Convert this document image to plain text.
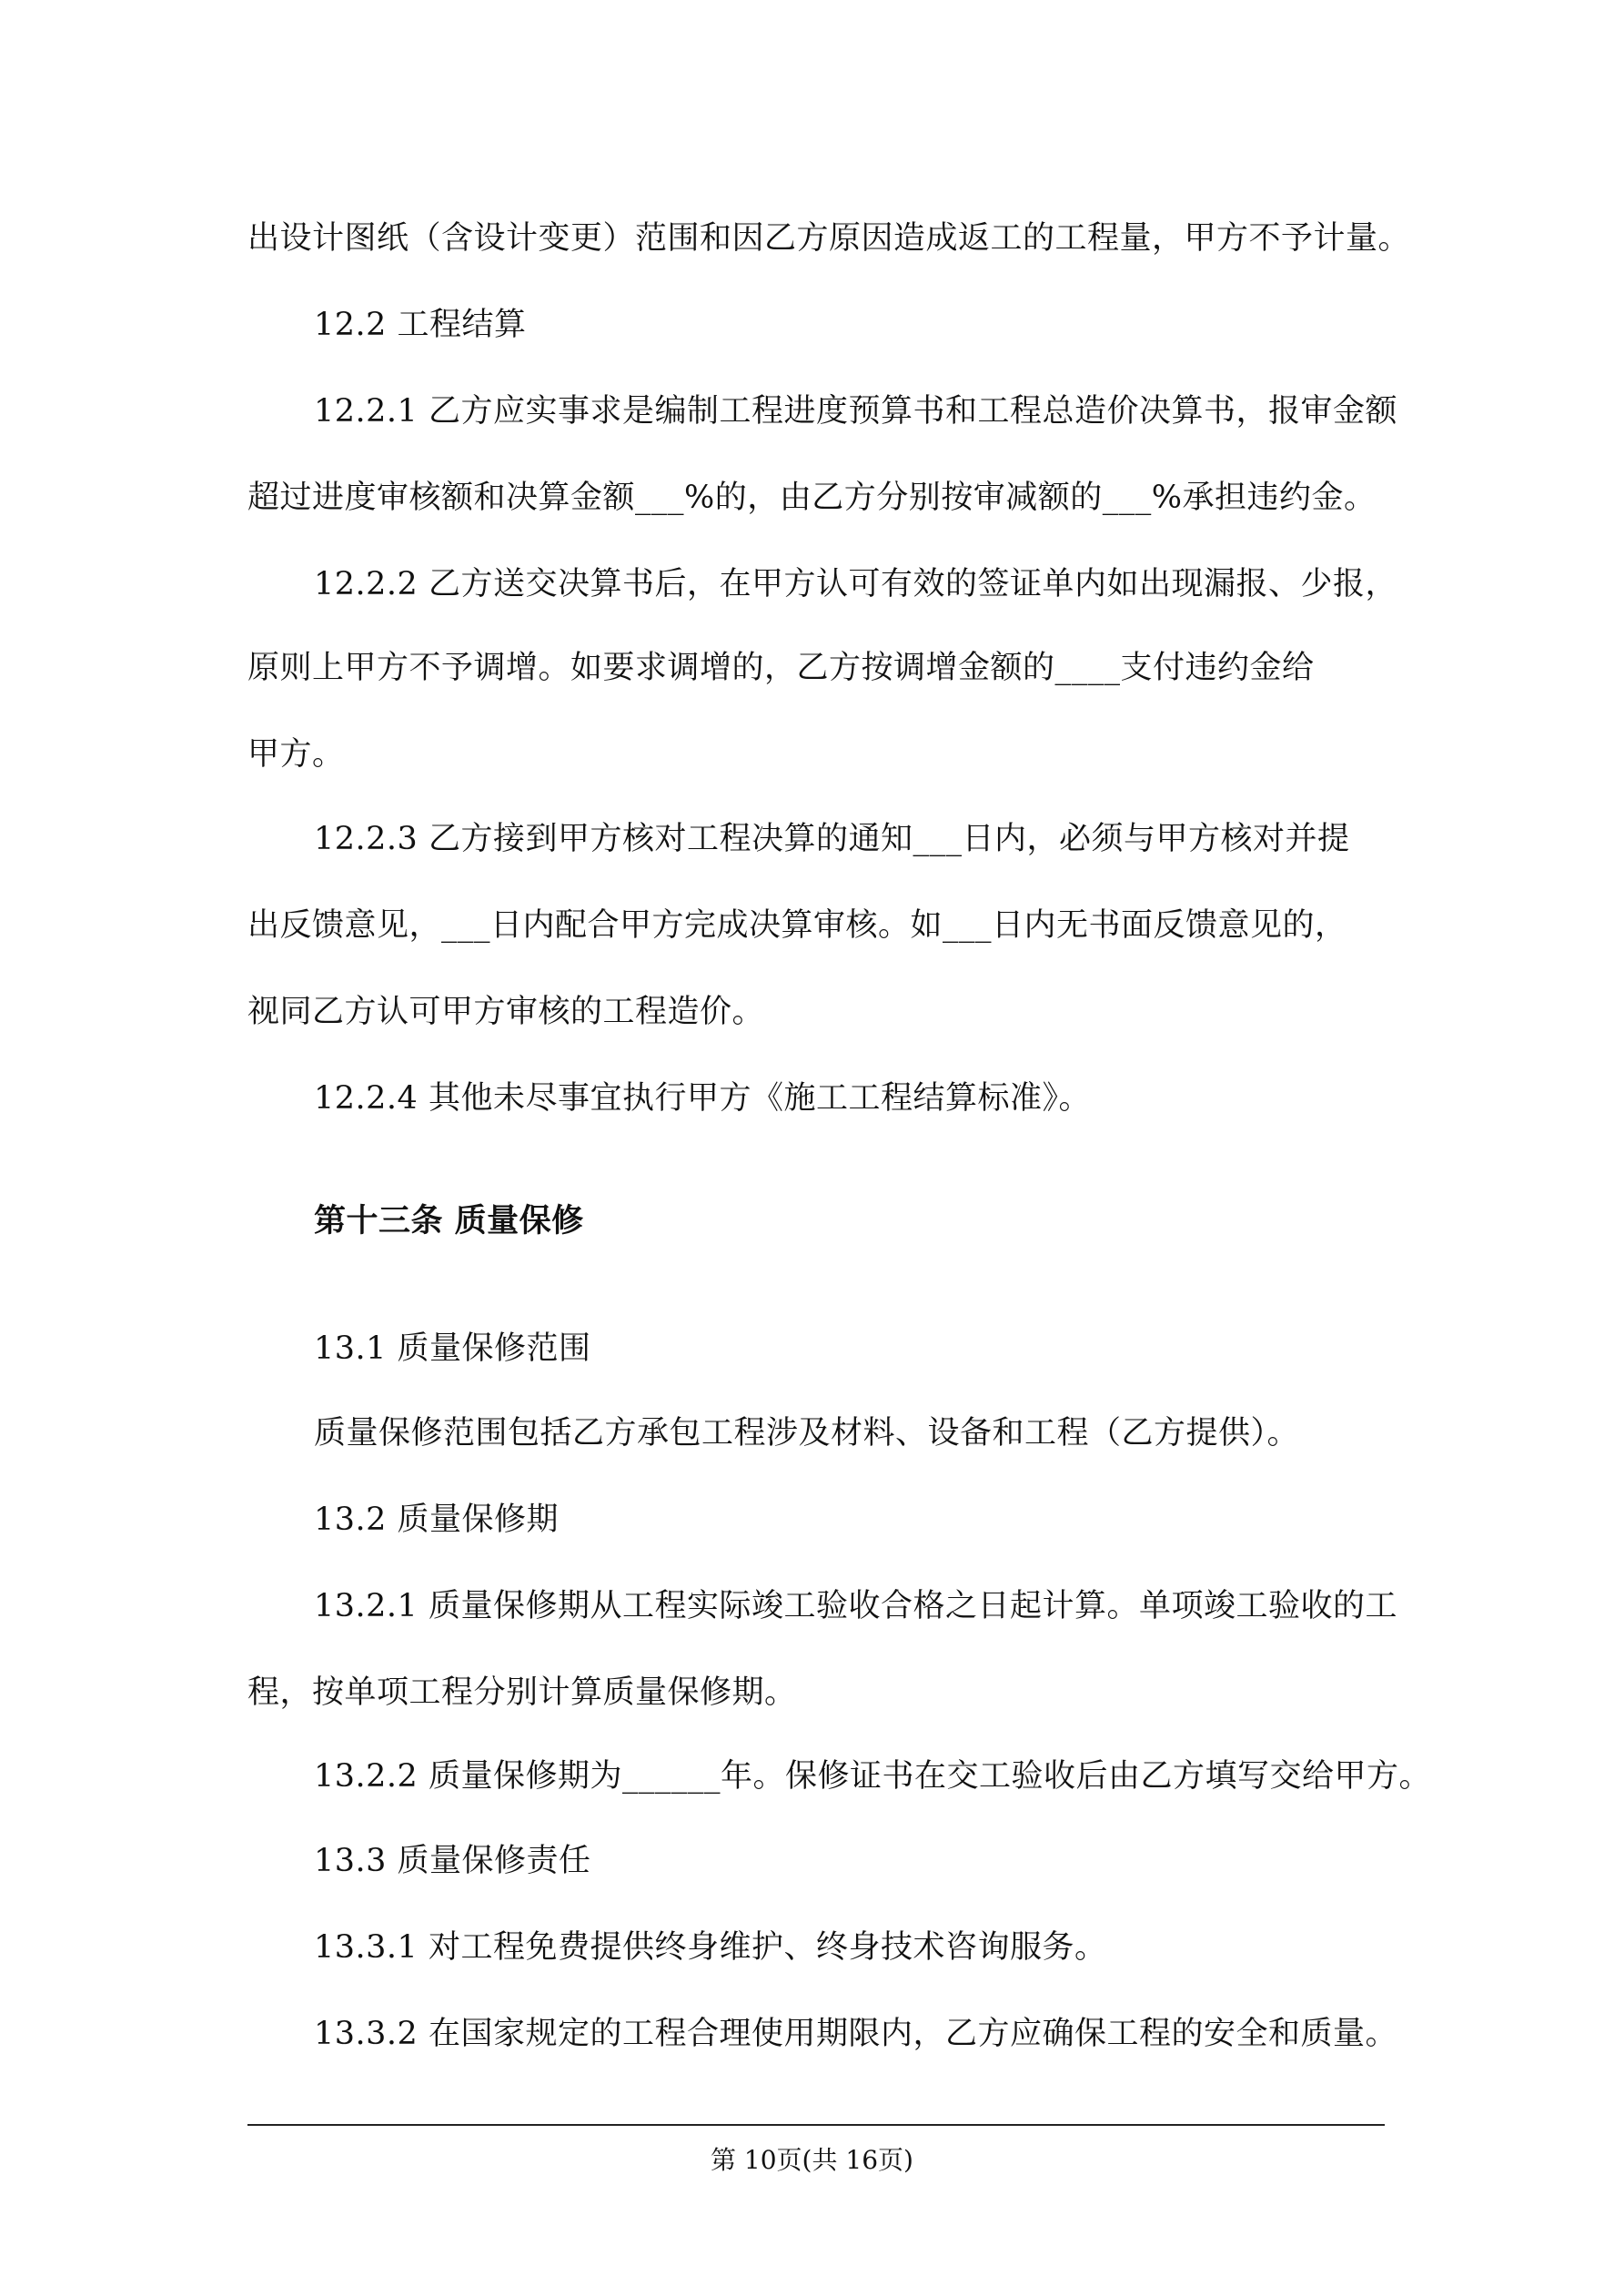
出设计图纸（含设计变更）范围和因乙方原因造成返工的工程量，甲方不予计量。
12.2 工程结算
12.2.1 乙方应实事求是编制工程进度预算书和工程总造价决算书，报审金额
超过进度审核额和决算金额___%的，由乙方分别按审减额的___%承担违约金。
12.2.2 乙方送交决算书后，在甲方认可有效的签证单内如出现漏报、少报，
原则上甲方不予调增。如要求调增的，乙方按调增金额的____支付违约金给
甲方。
12.2.3 乙方接到甲方核对工程决算的通知___日内，必须与甲方核对并提
出反馈意见，___日内配合甲方完成决算审核。如___日内无书面反馈意见的，
视同乙方认可甲方审核的工程造价。
12.2.4 其他未尽事宜执行甲方《施工工程结算标准》。
第十三条 质量保修
13.1 质量保修范围
质量保修范围包括乙方承包工程涉及材料、设备和工程（乙方提供）。
13.2 质量保修期
13.2.1 质量保修期从工程实际竣工验收合格之日起计算。单项竣工验收的工
程，按单项工程分别计算质量保修期。
13.2.2 质量保修期为______年。保修证书在交工验收后由乙方填写交给甲方。
13.3 质量保修责任
13.3.1 对工程免费提供终身维护、终身技术咨询服务。
13.3.2 在国家规定的工程合理使用期限内，乙方应确保工程的安全和质量。
第 10页(共 16页)
